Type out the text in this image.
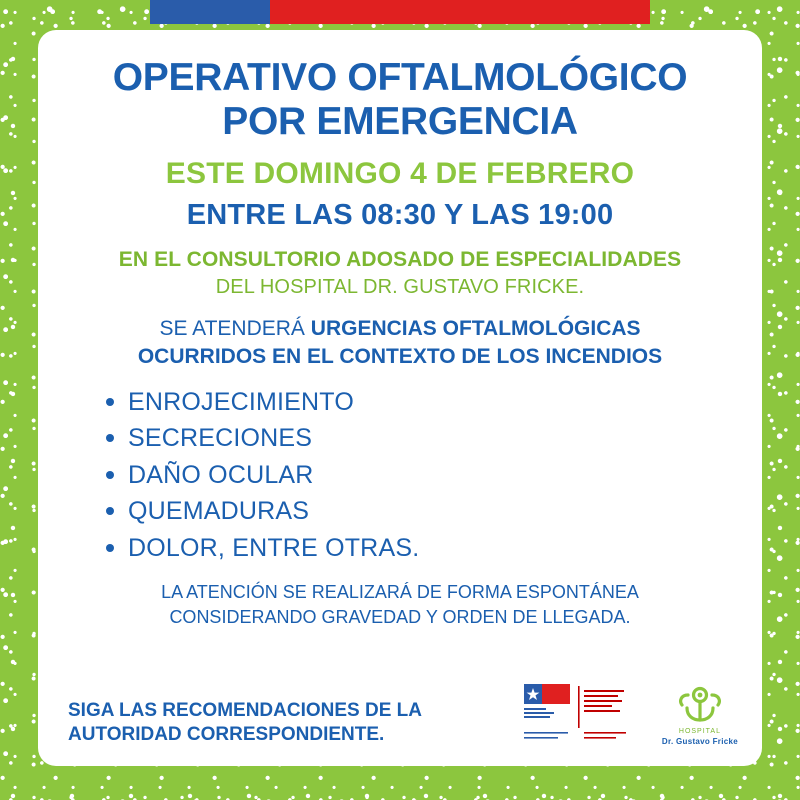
OPERATIVO OFTALMOLÓGICO
POR EMERGENCIA

ESTE DOMINGO 4 DE FEBRERO

ENTRE LAS 08:30 Y LAS 19:00

EN EL CONSULTORIO ADOSADO DE ESPECIALIDADES

DEL HOSPITAL DR. GUSTAVO FRICKE.

SE ATENDERÁ URGENCIAS OFTALMOLÓGICAS
OCURRIDOS EN EL CONTEXTO DE LOS INCENDIOS

ENROJECIMIENTO
SECRECIONES
DAÑO OCULAR
QUEMADURAS
DOLOR, ENTRE OTRAS.

LA ATENCIÓN SE REALIZARÁ DE FORMA ESPONTÁNEA
CONSIDERANDO GRAVEDAD Y ORDEN DE LLEGADA.

SIGA LAS RECOMENDACIONES DE LA
AUTORIDAD CORRESPONDIENTE.	HOSPITAL
Dr. Gustavo Fricke
